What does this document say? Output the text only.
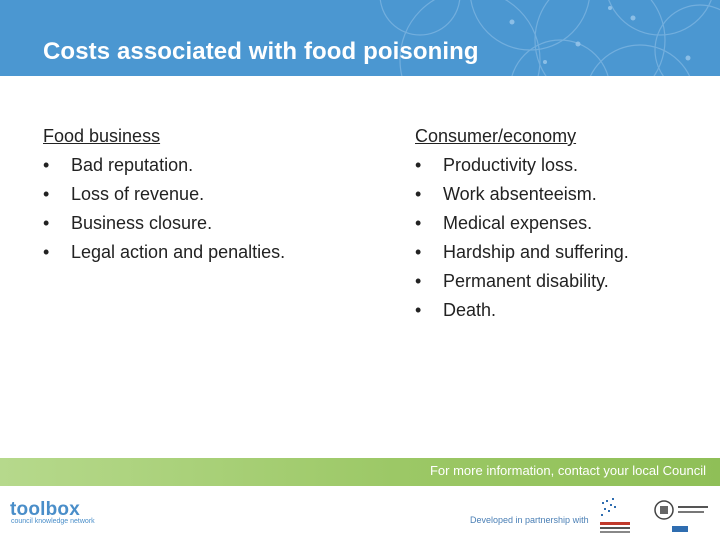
Costs associated with food poisoning
Food business
•	Bad reputation.
•	Loss of revenue.
•	Business closure.
•	Legal action and penalties.
Consumer/economy
•	Productivity loss.
•	Work absenteeism.
•	Medical expenses.
•	Hardship and suffering.
•	Permanent disability.
•	Death.
For more information, contact your local Council
toolbox
council knowledge network	Developed in partnership with
